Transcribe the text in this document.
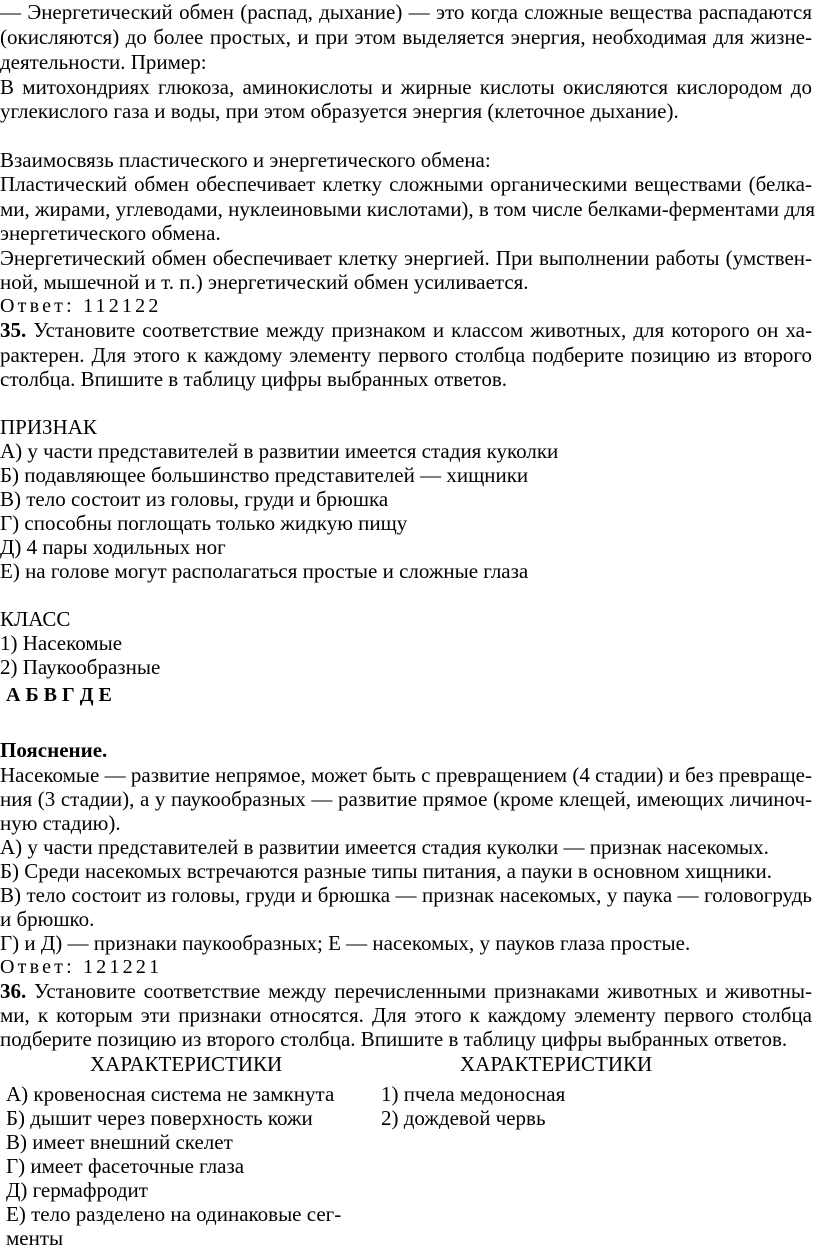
— Энергетический обмен (распад, дыхание) — это когда сложные вещества распадаются
(окисляются) до более простых, и при этом выделяется энергия, необходимая для жизне-
деятельности. Пример:
В митохондриях глюкоза, аминокислоты и жирные кислоты окисляются кислородом до
углекислого газа и воды, при этом образуется энергия (клеточное дыхание).
Взаимосвязь пластического и энергетического обмена:
Пластический обмен обеспечивает клетку сложными органическими веществами (белка-
ми, жирами, углеводами, нуклеиновыми кислотами), в том числе белками-ферментами для
энергетического обмена.
Энергетический обмен обеспечивает клетку энергией. При выполнении работы (умствен-
ной, мышечной и т. п.) энергетический обмен усиливается.
Ответ: 112122
35. Установите соответствие между признаком и классом животных, для которого он ха-
рактерен. Для этого к каждому элементу первого столбца подберите позицию из второго
столбца. Впишите в таблицу цифры выбранных ответов.
ПРИЗНАК
А) у части представителей в развитии имеется стадия куколки
Б) подавляющее большинство представителей — хищники
В) тело состоит из головы, груди и брюшка
Г) способны поглощать только жидкую пищу
Д) 4 пары ходильных ног
Е) на голове могут располагаться простые и сложные глаза
КЛАСС
1) Насекомые
2) Паукообразные
А Б В Г Д Е
Пояснение.
Насекомые — развитие непрямое, может быть с превращением (4 стадии) и без превраще-
ния (3 стадии), а у паукообразных — развитие прямое (кроме клещей, имеющих личиноч-
ную стадию).
А) у части представителей в развитии имеется стадия куколки — признак насекомых.
Б) Среди насекомых встречаются разные типы питания, а пауки в основном хищники.
В) тело состоит из головы, груди и брюшка — признак насекомых, у паука — головогрудь
и брюшко.
Г) и Д) — признаки паукообразных; Е — насекомых, у пауков глаза простые.
Ответ: 121221
36. Установите соответствие между перечисленными признаками животных и животны-
ми, к которым эти признаки относятся. Для этого к каждому элементу первого столбца
подберите позицию из второго столбца. Впишите в таблицу цифры выбранных ответов.
ХАРАКТЕРИСТИКИ	ХАРАКТЕРИСТИКИ
А) кровеносная система не замкнута
Б) дышит через поверхность кожи
В) имеет внешний скелет
Г) имеет фасеточные глаза
Д) гермафродит
Е) тело разделено на одинаковые сег-
менты
1) пчела медоносная
2) дождевой червь
